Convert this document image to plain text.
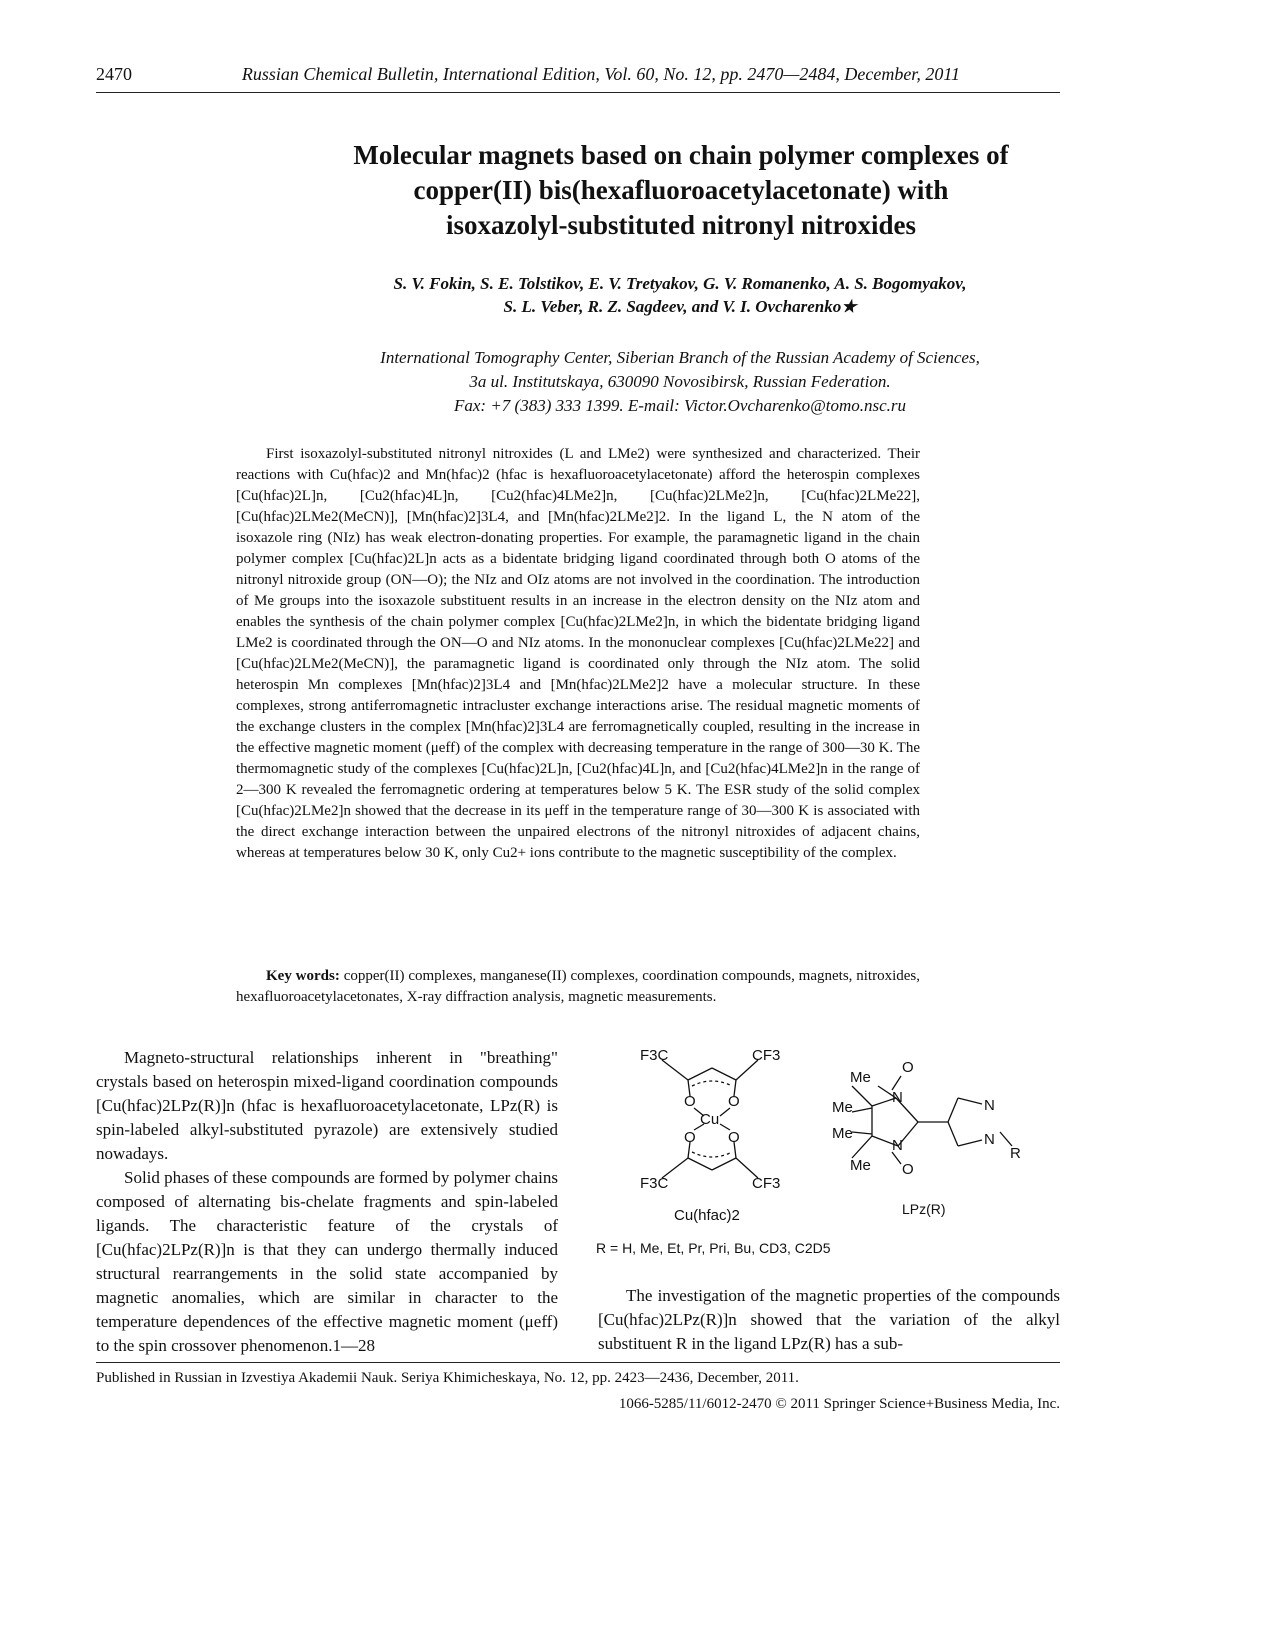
2470	Russian Chemical Bulletin, International Edition, Vol. 60, No. 12, pp. 2470—2484, December, 2011
Molecular magnets based on chain polymer complexes of
copper(II) bis(hexafluoroacetylacetonate) with
isoxazolyl-substituted nitronyl nitroxides
S. V. Fokin, S. E. Tolstikov, E. V. Tretyakov, G. V. Romanenko, A. S. Bogomyakov,
S. L. Veber, R. Z. Sagdeev, and V. I. Ovcharenko★
International Tomography Center, Siberian Branch of the Russian Academy of Sciences,
3a ul. Institutskaya, 630090 Novosibirsk, Russian Federation.
Fax: +7 (383) 333 1399. E-mail: Victor.Ovcharenko@tomo.nsc.ru
First isoxazolyl-substituted nitronyl nitroxides (L and LMe2) were synthesized and characterized. Their reactions with Cu(hfac)2 and Mn(hfac)2 (hfac is hexafluoroacetylacetonate) afford the heterospin complexes [Cu(hfac)2L]n, [Cu2(hfac)4L]n, [Cu2(hfac)4LMe2]n, [Cu(hfac)2LMe2]n, [Cu(hfac)2LMe22], [Cu(hfac)2LMe2(MeCN)], [Mn(hfac)2]3L4, and [Mn(hfac)2LMe2]2. In the ligand L, the N atom of the isoxazole ring (NIz) has weak electron-donating properties. For example, the paramagnetic ligand in the chain polymer complex [Cu(hfac)2L]n acts as a bidentate bridging ligand coordinated through both O atoms of the nitronyl nitroxide group (ON—O); the NIz and OIz atoms are not involved in the coordination. The introduction of Me groups into the isoxazole substituent results in an increase in the electron density on the NIz atom and enables the synthesis of the chain polymer complex [Cu(hfac)2LMe2]n, in which the bidentate bridging ligand LMe2 is coordinated through the ON—O and NIz atoms. In the mononuclear complexes [Cu(hfac)2LMe22] and [Cu(hfac)2LMe2(MeCN)], the paramagnetic ligand is coordinated only through the NIz atom. The solid heterospin Mn complexes [Mn(hfac)2]3L4 and [Mn(hfac)2LMe2]2 have a molecular structure. In these complexes, strong antiferromagnetic intracluster exchange interactions arise. The residual magnetic moments of the exchange clusters in the complex [Mn(hfac)2]3L4 are ferromagnetically coupled, resulting in the increase in the effective magnetic moment (μeff) of the complex with decreasing temperature in the range of 300—30 K. The thermomagnetic study of the complexes [Cu(hfac)2L]n, [Cu2(hfac)4L]n, and [Cu2(hfac)4LMe2]n in the range of 2—300 K revealed the ferromagnetic ordering at temperatures below 5 K. The ESR study of the solid complex [Cu(hfac)2LMe2]n showed that the decrease in its μeff in the temperature range of 30—300 K is associated with the direct exchange interaction between the unpaired electrons of the nitronyl nitroxides of adjacent chains, whereas at temperatures below 30 K, only Cu2+ ions contribute to the magnetic susceptibility of the complex.
Key words: copper(II) complexes, manganese(II) complexes, coordination compounds, magnets, nitroxides, hexafluoroacetylacetonates, X-ray diffraction analysis, magnetic measurements.

Magneto-structural relationships inherent in "breathing" crystals based on heterospin mixed-ligand coordination compounds [Cu(hfac)2LPz(R)]n (hfac is hexafluoroacetylacetonate, LPz(R) is spin-labeled alkyl-substituted pyrazole) are extensively studied nowadays.

Solid phases of these compounds are formed by polymer chains composed of alternating bis-chelate fragments and spin-labeled ligands. The characteristic feature of the crystals of [Cu(hfac)2LPz(R)]n is that they can undergo thermally induced structural rearrangements in the solid state accompanied by magnetic anomalies, which are similar in character to the temperature dependences of the effective magnetic moment (μeff) to the spin crossover phenomenon.1—28

F3C	CF3
F3C	CF3
O O
O O
Cu
Cu(hfac)2
Me
Me
Me
Me
N
N
O
O
N
N
R
LPz(R)
R = H, Me, Et, Pr, Pri, Bu, CD3, C2D5
The investigation of the magnetic properties of the compounds [Cu(hfac)2LPz(R)]n showed that the variation of the alkyl substituent R in the ligand LPz(R) has a sub-
Published in Russian in Izvestiya Akademii Nauk. Seriya Khimicheskaya, No. 12, pp. 2423—2436, December, 2011.
1066-5285/11/6012-2470 © 2011 Springer Science+Business Media, Inc.
